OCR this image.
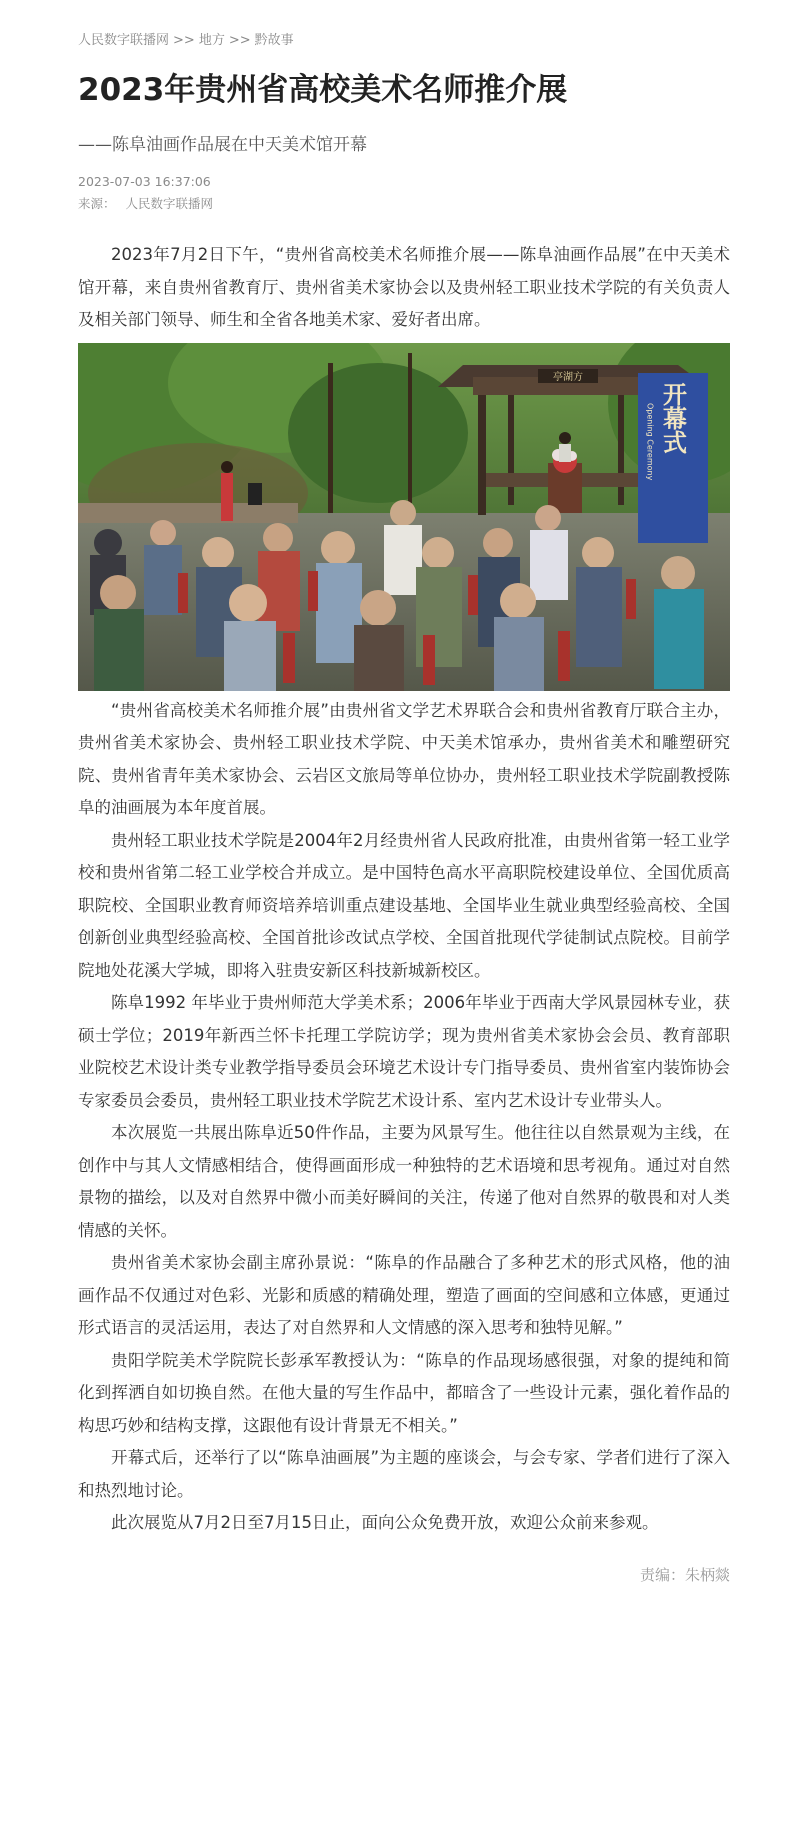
人民数字联播网 >> 地方 >> 黔故事
2023年贵州省高校美术名师推介展
——陈阜油画作品展在中天美术馆开幕
2023-07-03 16:37:06
来源： 人民数字联播网

2023年7月2日下午，“贵州省高校美术名师推介展——陈阜油画作品展”在中天美术馆开幕，来自贵州省教育厅、贵州省美术家协会以及贵州轻工职业技术学院的有关负责人及相关部门领导、师生和全省各地美术家、爱好者出席。

亭湖方
开幕式
Opening Ceremony

“贵州省高校美术名师推介展”由贵州省文学艺术界联合会和贵州省教育厅联合主办，贵州省美术家协会、贵州轻工职业技术学院、中天美术馆承办，贵州省美术和雕塑研究院、贵州省青年美术家协会、云岩区文旅局等单位协办，贵州轻工职业技术学院副教授陈阜的油画展为本年度首展。

贵州轻工职业技术学院是2004年2月经贵州省人民政府批准，由贵州省第一轻工业学校和贵州省第二轻工业学校合并成立。是中国特色高水平高职院校建设单位、全国优质高职院校、全国职业教育师资培养培训重点建设基地、全国毕业生就业典型经验高校、全国创新创业典型经验高校、全国首批诊改试点学校、全国首批现代学徒制试点院校。目前学院地处花溪大学城，即将入驻贵安新区科技新城新校区。

陈阜1992 年毕业于贵州师范大学美术系；2006年毕业于西南大学风景园林专业，获硕士学位；2019年新西兰怀卡托理工学院访学；现为贵州省美术家协会会员、教育部职业院校艺术设计类专业教学指导委员会环境艺术设计专门指导委员、贵州省室内装饰协会专家委员会委员，贵州轻工职业技术学院艺术设计系、室内艺术设计专业带头人。

本次展览一共展出陈阜近50件作品，主要为风景写生。他往往以自然景观为主线，在创作中与其人文情感相结合，使得画面形成一种独特的艺术语境和思考视角。通过对自然景物的描绘，以及对自然界中微小而美好瞬间的关注，传递了他对自然界的敬畏和对人类情感的关怀。

贵州省美术家协会副主席孙景说：“陈阜的作品融合了多种艺术的形式风格，他的油画作品不仅通过对色彩、光影和质感的精确处理，塑造了画面的空间感和立体感，更通过形式语言的灵活运用，表达了对自然界和人文情感的深入思考和独特见解。”

贵阳学院美术学院院长彭承军教授认为：“陈阜的作品现场感很强，对象的提纯和简化到挥洒自如切换自然。在他大量的写生作品中，都暗含了一些设计元素，强化着作品的构思巧妙和结构支撑，这跟他有设计背景无不相关。”

开幕式后，还举行了以“陈阜油画展”为主题的座谈会，与会专家、学者们进行了深入和热烈地讨论。

此次展览从7月2日至7月15日止，面向公众免费开放，欢迎公众前来参观。

责编：朱柄燚
